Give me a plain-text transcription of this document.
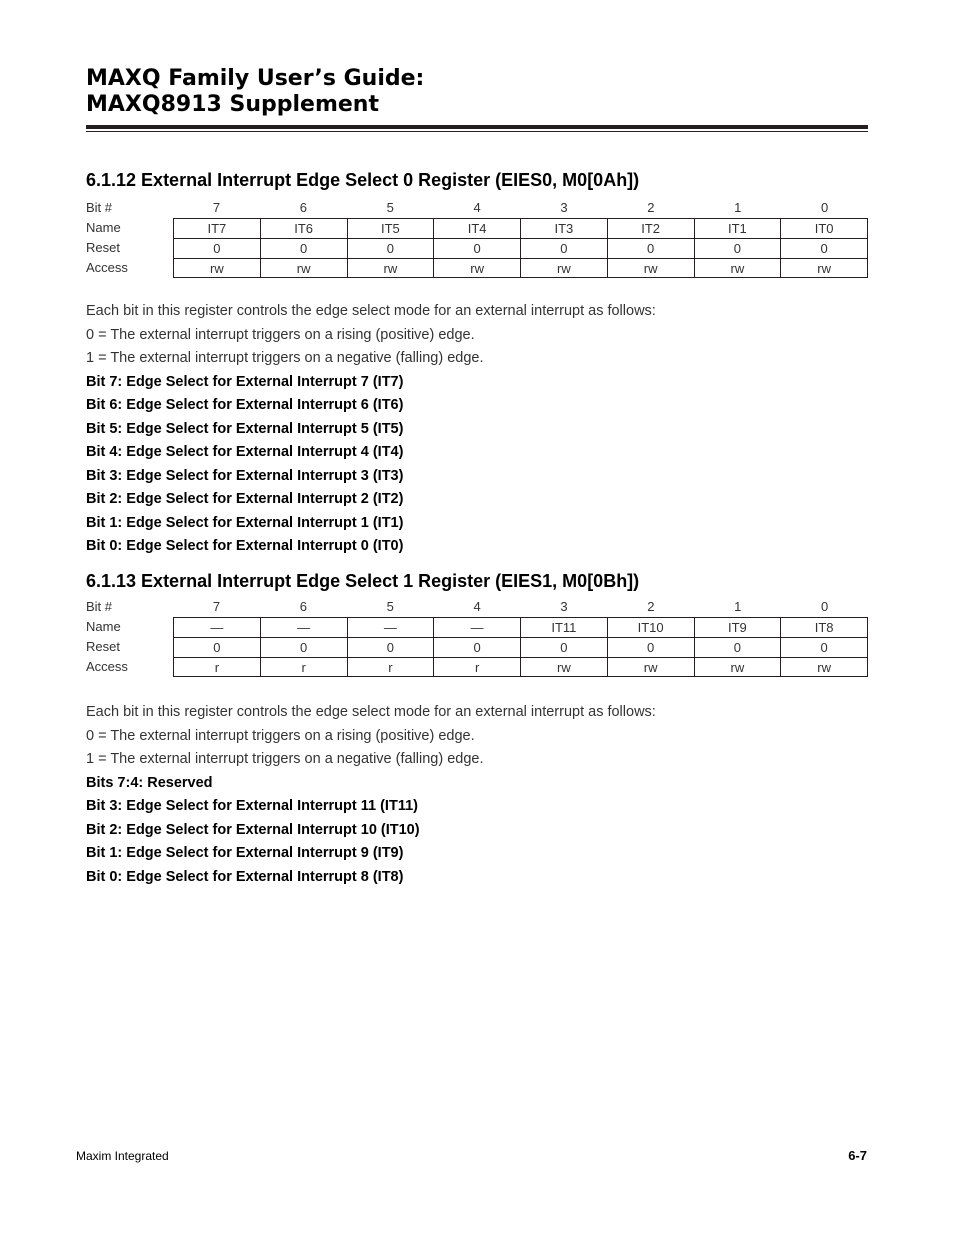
MAXQ Family User’s Guide:
MAXQ8913 Supplement
6.1.12 External Interrupt Edge Select 0 Register (EIES0, M0[0Ah])
Bit #	7	6	5	4	3	2	1	0
Name	IT7	IT6	IT5	IT4	IT3	IT2	IT1	IT0
Reset	0	0	0	0	0	0	0	0
Access	rw	rw	rw	rw	rw	rw	rw	rw

Each bit in this register controls the edge select mode for an external interrupt as follows:

0 = The external interrupt triggers on a rising (positive) edge.

1 = The external interrupt triggers on a negative (falling) edge.

Bit 7: Edge Select for External Interrupt 7 (IT7)

Bit 6: Edge Select for External Interrupt 6 (IT6)

Bit 5: Edge Select for External Interrupt 5 (IT5)

Bit 4: Edge Select for External Interrupt 4 (IT4)

Bit 3: Edge Select for External Interrupt 3 (IT3)

Bit 2: Edge Select for External Interrupt 2 (IT2)

Bit 1: Edge Select for External Interrupt 1 (IT1)

Bit 0: Edge Select for External Interrupt 0 (IT0)

6.1.13 External Interrupt Edge Select 1 Register (EIES1, M0[0Bh])
Bit #	7	6	5	4	3	2	1	0
Name	—	—	—	—	IT11	IT10	IT9	IT8
Reset	0	0	0	0	0	0	0	0
Access	r	r	r	r	rw	rw	rw	rw

Each bit in this register controls the edge select mode for an external interrupt as follows:

0 = The external interrupt triggers on a rising (positive) edge.

1 = The external interrupt triggers on a negative (falling) edge.

Bits 7:4: Reserved

Bit 3: Edge Select for External Interrupt 11 (IT11)

Bit 2: Edge Select for External Interrupt 10 (IT10)

Bit 1: Edge Select for External Interrupt 9 (IT9)

Bit 0: Edge Select for External Interrupt 8 (IT8)

Maxim Integrated	6-7
